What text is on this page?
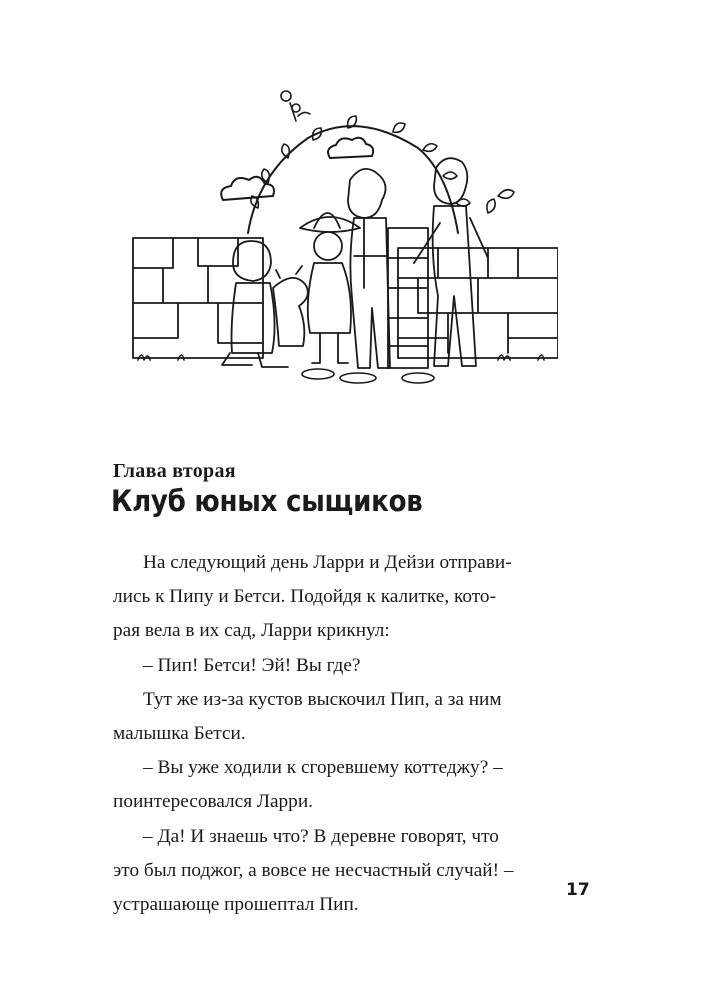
Глава вторая
Клуб юных сыщиков
На следующий день Ларри и Дейзи отправи-
лись к Пипу и Бетси. Подойдя к калитке, кото-
рая вела в их сад, Ларри крикнул:
– Пип! Бетси! Эй! Вы где?
Тут же из-за кустов выскочил Пип, а за ним
малышка Бетси.
– Вы уже ходили к сгоревшему коттеджу? –
поинтересовался Ларри.
– Да! И знаешь что? В деревне говорят, что
это был поджог, а вовсе не несчастный случай! –
устрашающе прошептал Пип.
17
